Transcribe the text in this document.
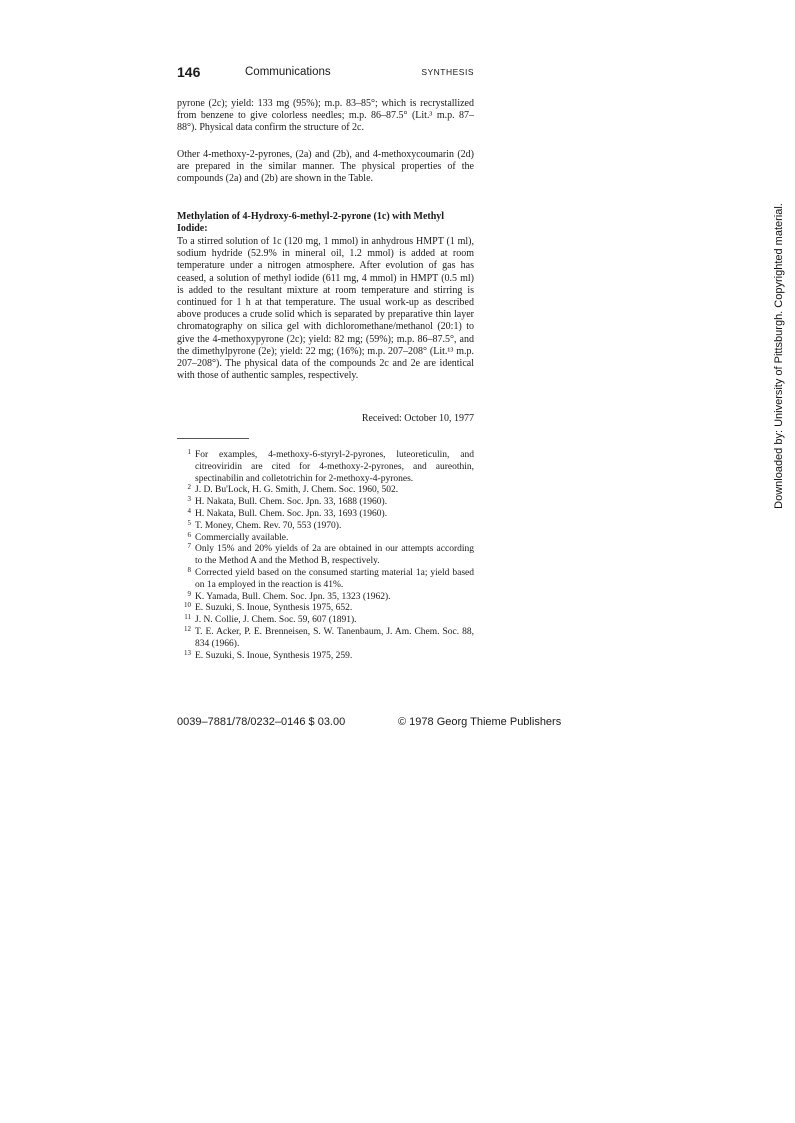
146	Communications	SYNTHESIS

pyrone (2c); yield: 133 mg (95%); m.p. 83–85°; which is recrystallized from benzene to give colorless needles; m.p. 86–87.5° (Lit.³ m.p. 87–88°). Physical data confirm the structure of 2c.

Other 4-methoxy-2-pyrones, (2a) and (2b), and 4-methoxycoumarin (2d) are prepared in the similar manner. The physical properties of the compounds (2a) and (2b) are shown in the Table.

Methylation of 4-Hydroxy-6-methyl-2-pyrone (1c) with Methyl Iodide:

To a stirred solution of 1c (120 mg, 1 mmol) in anhydrous HMPT (1 ml), sodium hydride (52.9% in mineral oil, 1.2 mmol) is added at room temperature under a nitrogen atmosphere. After evolution of gas has ceased, a solution of methyl iodide (611 mg, 4 mmol) in HMPT (0.5 ml) is added to the resultant mixture at room temperature and stirring is continued for 1 h at that temperature. The usual work-up as described above produces a crude solid which is separated by preparative thin layer chromatography on silica gel with dichloromethane/methanol (20:1) to give the 4-methoxypyrone (2c); yield: 82 mg; (59%); m.p. 86–87.5°, and the dimethylpyrone (2e); yield: 22 mg; (16%); m.p. 207–208° (Lit.¹³ m.p. 207–208°). The physical data of the compounds 2c and 2e are identical with those of authentic samples, respectively.

Received: October 10, 1977

1 For examples, 4-methoxy-6-styryl-2-pyrones, luteoreticulin, and citreoviridin are cited for 4-methoxy-2-pyrones, and aureothin, spectinabilin and colletotrichin for 2-methoxy-4-pyrones.
2 J. D. Bu'Lock, H. G. Smith, J. Chem. Soc. 1960, 502.
3 H. Nakata, Bull. Chem. Soc. Jpn. 33, 1688 (1960).
4 H. Nakata, Bull. Chem. Soc. Jpn. 33, 1693 (1960).
5 T. Money, Chem. Rev. 70, 553 (1970).
6 Commercially available.
7 Only 15% and 20% yields of 2a are obtained in our attempts according to the Method A and the Method B, respectively.
8 Corrected yield based on the consumed starting material 1a; yield based on 1a employed in the reaction is 41%.
9 K. Yamada, Bull. Chem. Soc. Jpn. 35, 1323 (1962).
10 E. Suzuki, S. Inoue, Synthesis 1975, 652.
11 J. N. Collie, J. Chem. Soc. 59, 607 (1891).
12 T. E. Acker, P. E. Brenneisen, S. W. Tanenbaum, J. Am. Chem. Soc. 88, 834 (1966).
13 E. Suzuki, S. Inoue, Synthesis 1975, 259.
0039–7881/78/0232–0146 $ 03.00	© 1978 Georg Thieme Publishers
Downloaded by: University of Pittsburgh. Copyrighted material.
